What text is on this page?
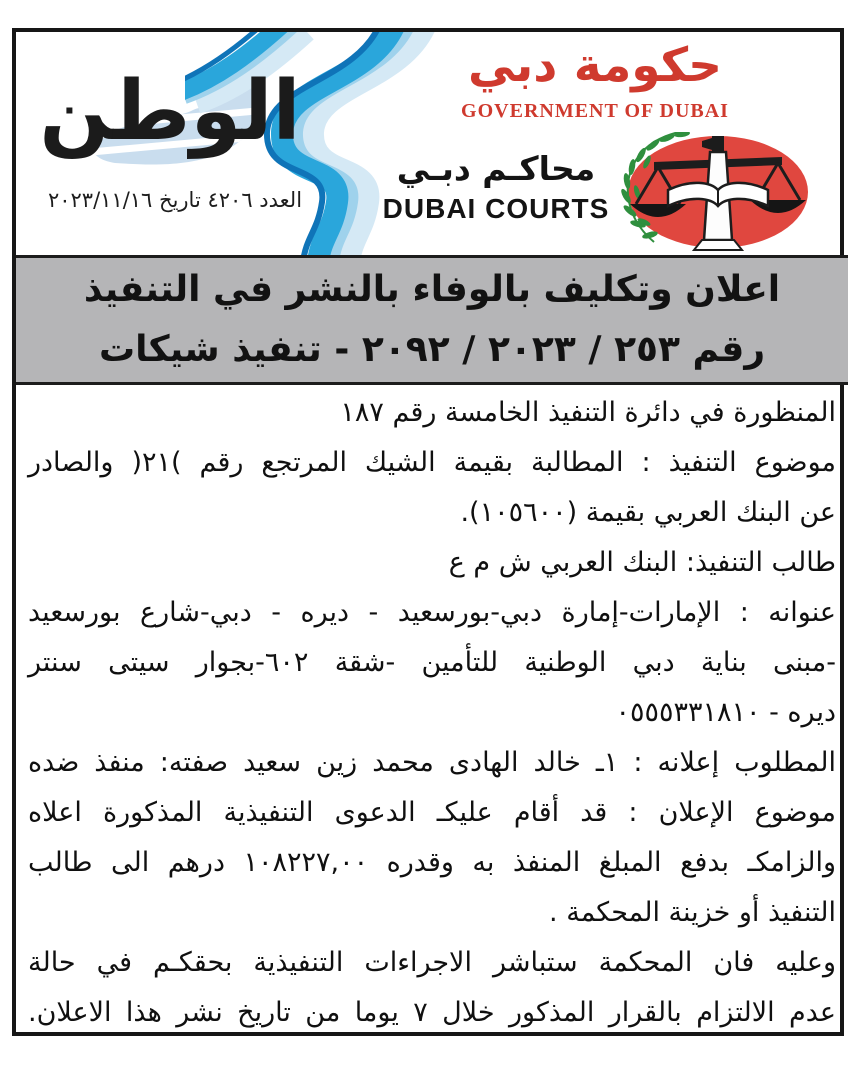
الوطن
العدد ٤٢٠٦ تاريخ ٢٠٢٣/١١/١٦
حكومة دبي
GOVERNMENT OF DUBAI
محاكـم دبـي
DUBAI COURTS
اعلان وتكليف بالوفاء بالنشر في التنفيذ
رقم ٢٥٣ / ٢٠٢٣ / ٢٠٩٢ - تنفيذ شيكات
المنظورة في دائرة التنفيذ الخامسة رقم ١٨٧
موضوع التنفيذ : المطالبة بقيمة الشيك المرتجع رقم )٢١( والصادر
عن البنك العربي بقيمة (١٠٥٦٠٠).
طالب التنفيذ: البنك العربي ش م ع
عنوانه : الإمارات-إمارة دبي-بورسعيد - ديره - دبي-شارع بورسعيد
-مبنى بناية دبي الوطنية للتأمين -شقة ٦٠٢-بجوار سيتى سنتر
ديره - ٠٥٥٥٣٣١٨١٠
المطلوب إعلانه : ١ـ خالد الهادى محمد زين سعيد صفته: منفذ ضده
موضوع الإعلان : قد أقام عليكـ الدعوى التنفيذية المذكورة اعلاه
والزامكـ بدفع المبلغ المنفذ به وقدره ١٠٨٢٢٧,٠٠ درهم الى طالب
التنفيذ أو خزينة المحكمة .
وعليه فان المحكمة ستباشر الاجراءات التنفيذية بحقكـم في حالة
عدم الالتزام بالقرار المذكور خلال ٧ يوما من تاريخ نشر هذا الاعلان.
